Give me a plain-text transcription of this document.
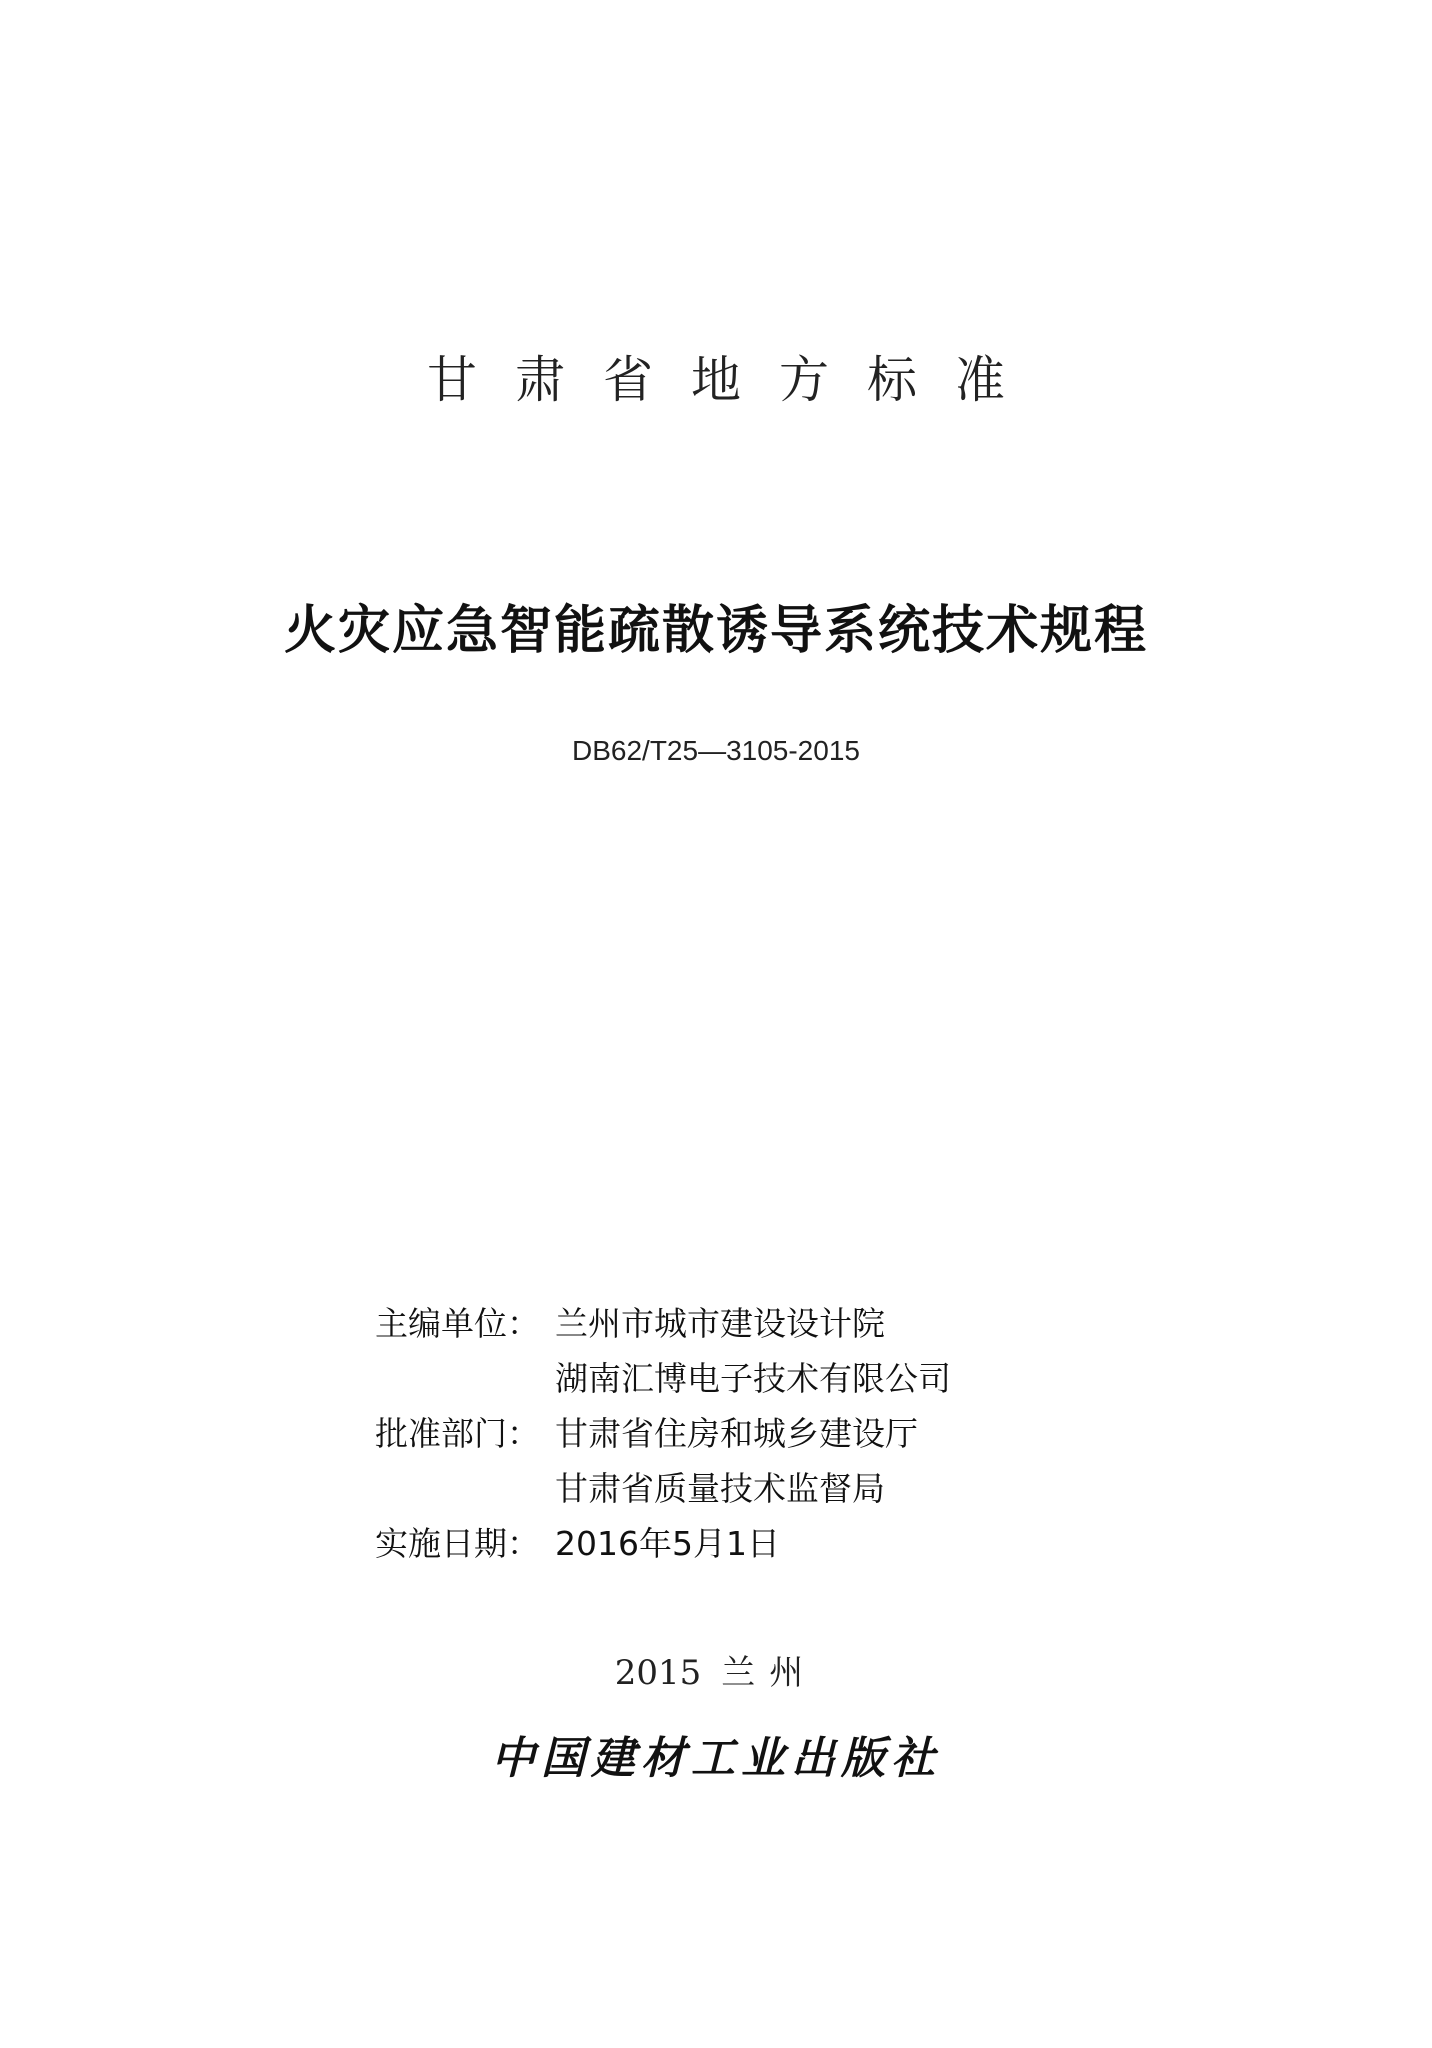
甘肃省地方标准
火灾应急智能疏散诱导系统技术规程
DB62/T25—3105-2015
主编单位： 兰州市城市建设设计院
湖南汇博电子技术有限公司
批准部门： 甘肃省住房和城乡建设厅
甘肃省质量技术监督局
实施日期： 2016年5月1日
2015 兰州
中国建材工业出版社
